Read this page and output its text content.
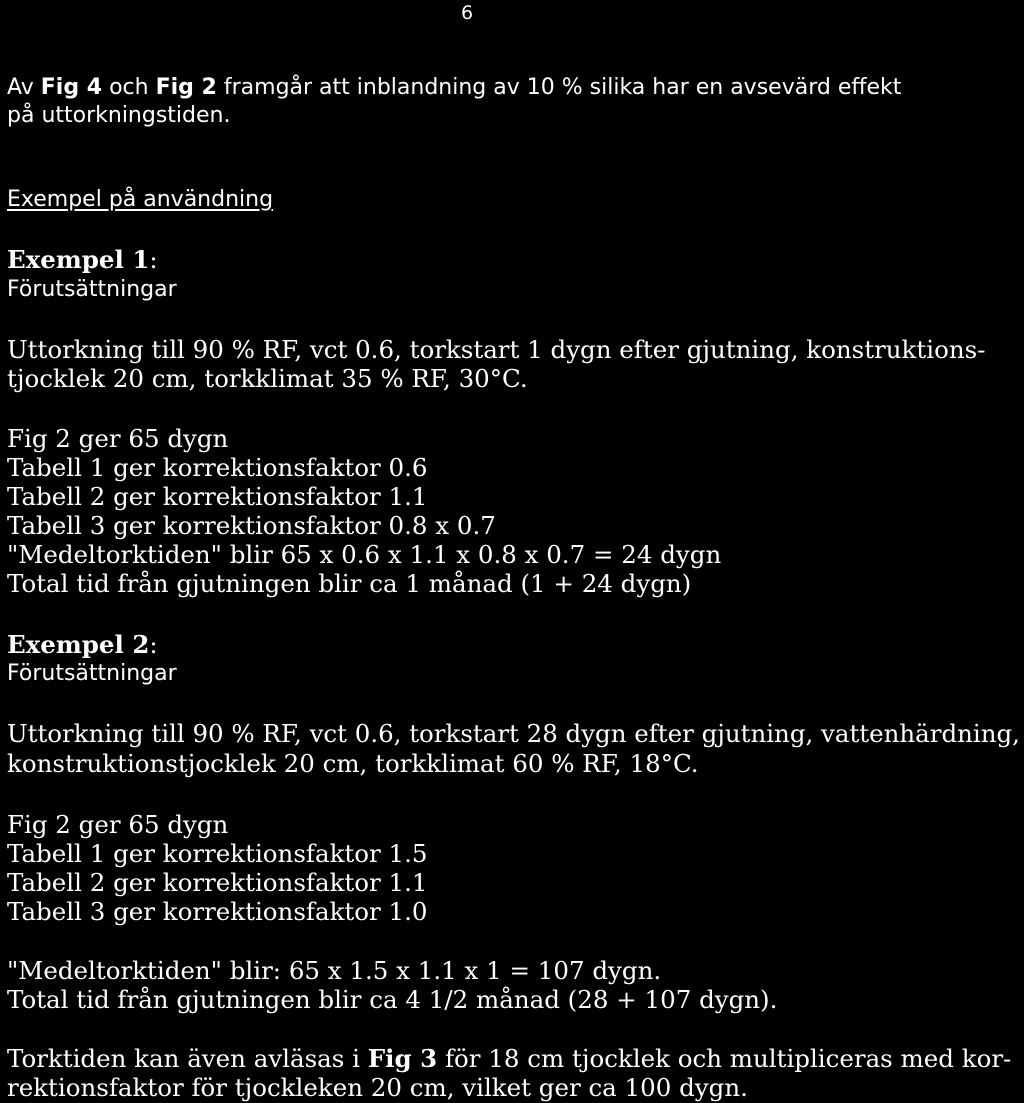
6
Av Fig 4 och Fig 2 framgår att inblandning av 10 % silika har en avsevärd effekt
på uttorkningstiden.
Exempel på användning
Exempel 1:
Förutsättningar
Uttorkning till 90 % RF, vct 0.6, torkstart 1 dygn efter gjutning, konstruktions-
tjocklek 20 cm, torkklimat 35 % RF, 30°C.
Fig 2 ger 65 dygn
Tabell 1 ger korrektionsfaktor 0.6
Tabell 2 ger korrektionsfaktor 1.1
Tabell 3 ger korrektionsfaktor 0.8 x 0.7
"Medeltorktiden" blir 65 x 0.6 x 1.1 x 0.8 x 0.7 = 24 dygn
Total tid från gjutningen blir ca 1 månad (1 + 24 dygn)
Exempel 2:
Förutsättningar
Uttorkning till 90 % RF, vct 0.6, torkstart 28 dygn efter gjutning, vattenhärdning,
konstruktionstjocklek 20 cm, torkklimat 60 % RF, 18°C.
Fig 2 ger 65 dygn
Tabell 1 ger korrektionsfaktor 1.5
Tabell 2 ger korrektionsfaktor 1.1
Tabell 3 ger korrektionsfaktor 1.0
"Medeltorktiden" blir: 65 x 1.5 x 1.1 x 1 = 107 dygn.
Total tid från gjutningen blir ca 4 1/2 månad (28 + 107 dygn).
Torktiden kan även avläsas i Fig 3 för 18 cm tjocklek och multipliceras med kor-
rektionsfaktor för tjockleken 20 cm, vilket ger ca 100 dygn.
